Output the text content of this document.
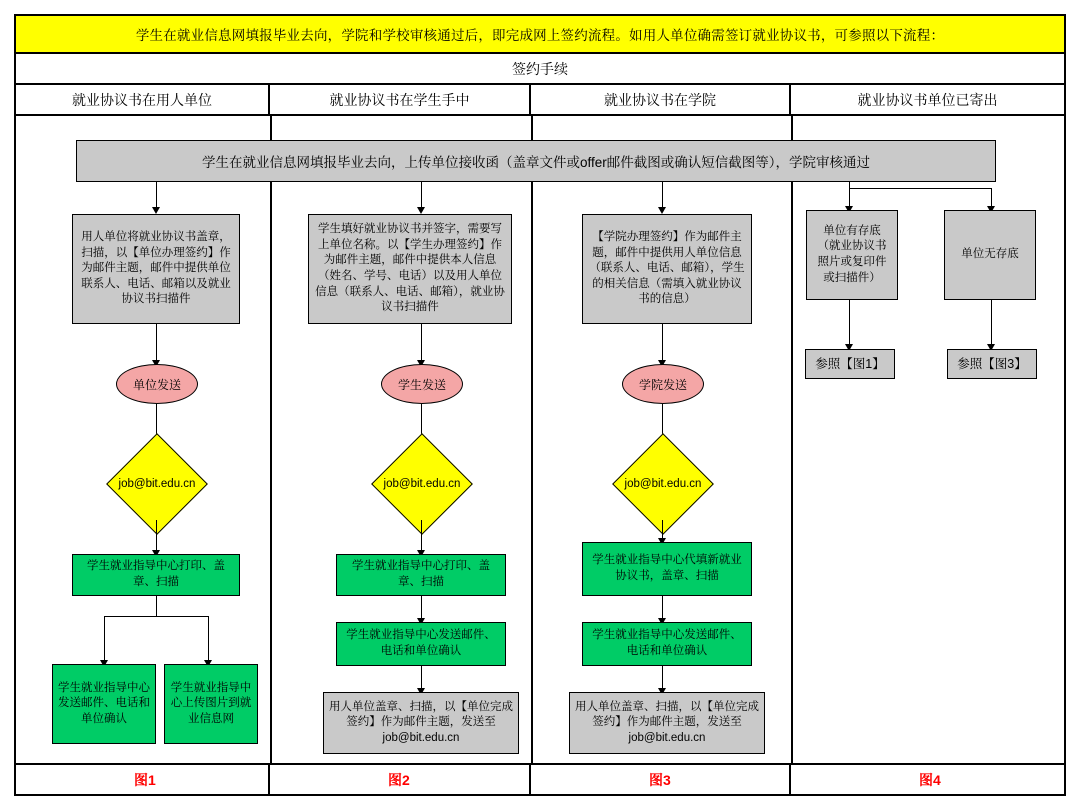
学生在就业信息网填报毕业去向，学院和学校审核通过后，即完成网上签约流程。如用人单位确需签订就业协议书，可参照以下流程：
签约手续
就业协议书在用人单位	就业协议书在学生手中	就业协议书在学院	就业协议书单位已寄出
学生在就业信息网填报毕业去向，上传单位接收函（盖章文件或offer邮件截图或确认短信截图等），学院审核通过
用人单位将就业协议书盖章，扫描，以【单位办理签约】作为邮件主题，邮件中提供单位联系人、电话、邮箱以及就业协议书扫描件
单位发送
job@bit.edu.cn
学生就业指导中心打印、盖章、扫描
学生就业指导中心发送邮件、电话和单位确认
学生就业指导中心上传图片到就业信息网
学生填好就业协议书并签字，需要写上单位名称。以【学生办理签约】作为邮件主题，邮件中提供本人信息（姓名、学号、电话）以及用人单位信息（联系人、电话、邮箱），就业协议书扫描件
学生发送
job@bit.edu.cn
学生就业指导中心打印、盖章、扫描
学生就业指导中心发送邮件、电话和单位确认
用人单位盖章、扫描，以【单位完成签约】作为邮件主题，发送至job@bit.edu.cn
【学院办理签约】作为邮件主题，邮件中提供用人单位信息（联系人、电话、邮箱），学生的相关信息（需填入就业协议书的信息）
学院发送
job@bit.edu.cn
学生就业指导中心代填新就业协议书，盖章、扫描
学生就业指导中心发送邮件、电话和单位确认
用人单位盖章、扫描，以【单位完成签约】作为邮件主题，发送至job@bit.edu.cn
单位有存底（就业协议书照片或复印件或扫描件）
单位无存底
参照【图1】	参照【图3】
图1	图2	图3	图4
